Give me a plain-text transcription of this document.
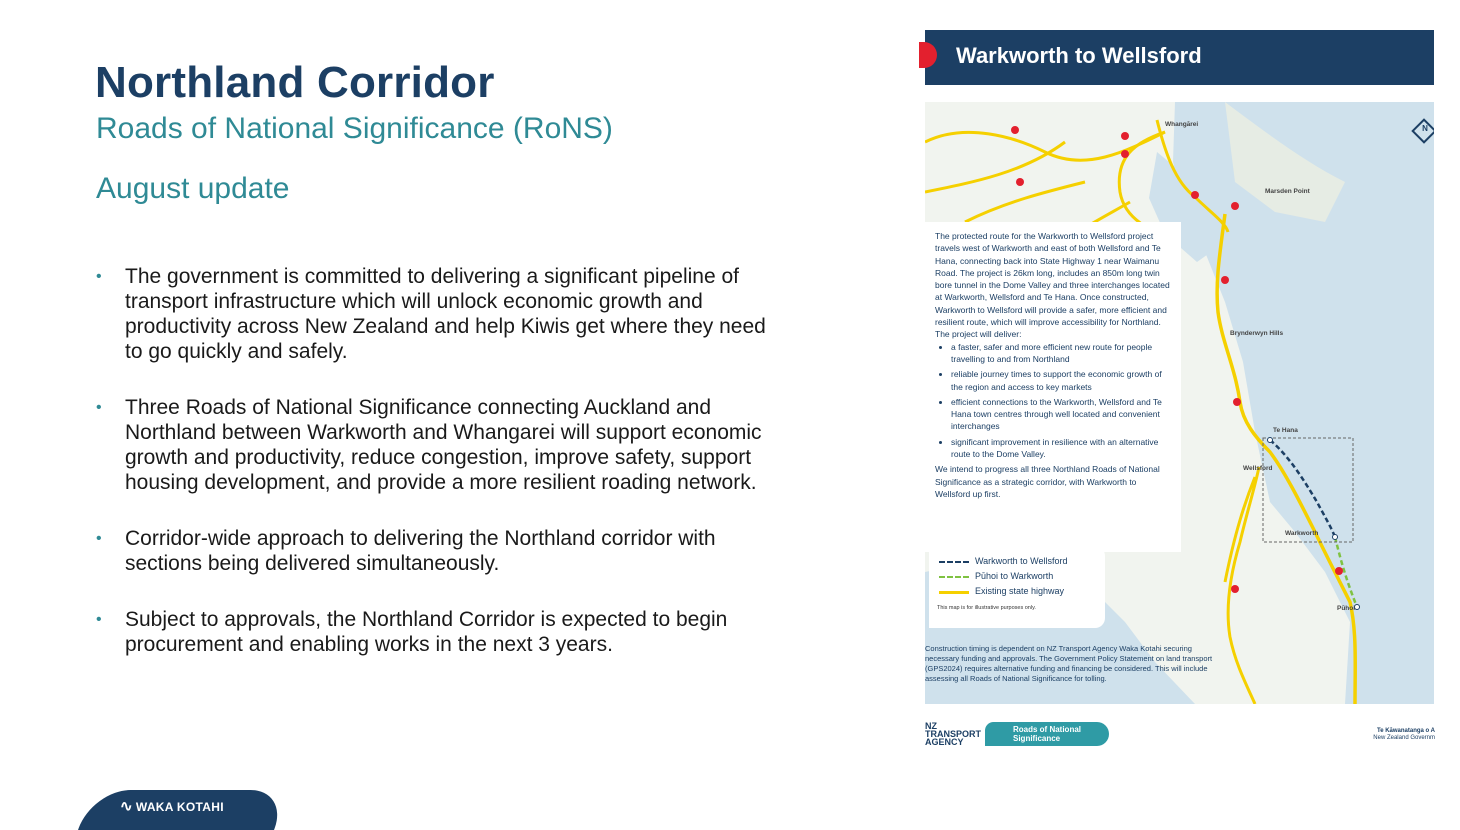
Northland Corridor
Roads of National Significance (RoNS)
August update
• The government is committed to delivering a significant pipeline of transport infrastructure which will unlock economic growth and productivity across New Zealand and help Kiwis get where they need to go quickly and safely.
• Three Roads of National Significance connecting Auckland and Northland between Warkworth and Whangarei will support economic growth and productivity, reduce congestion, improve safety, support housing development, and provide a more resilient roading network.
• Corridor-wide approach to delivering the Northland corridor with sections being delivered simultaneously.
• Subject to approvals, the Northland Corridor is expected to begin procurement and enabling works in the next 3 years.
Warkworth to Wellsford
N
Whangārei
Marsden Point
Brynderwyn Hills
Te Hana
Wellsford
Warkworth
Pūhoi

The protected route for the Warkworth to Wellsford project travels west of Warkworth and east of both Wellsford and Te Hana, connecting back into State Highway 1 near Waimanu Road. The project is 26km long, includes an 850m long twin bore tunnel in the Dome Valley and three interchanges located at Warkworth, Wellsford and Te Hana. Once constructed, Warkworth to Wellsford will provide a safer, more efficient and resilient route, which will improve accessibility for Northland.

The project will deliver:

• a faster, safer and more efficient new route for people travelling to and from Northland
• reliable journey times to support the economic growth of the region and access to key markets
• efficient connections to the Warkworth, Wellsford and Te Hana town centres through well located and convenient interchanges
• significant improvement in resilience with an alternative route to the Dome Valley.

We intend to progress all three Northland Roads of National Significance as a strategic corridor, with Warkworth to Wellsford up first.

Warkworth to Wellsford
Pūhoi to Warkworth
Existing state highway
This map is for illustrative purposes only.
Construction timing is dependent on NZ Transport Agency Waka Kotahi securing necessary funding and approvals. The Government Policy Statement on land transport (GPS2024) requires alternative funding and financing be considered. This will include assessing all Roads of National Significance for tolling.
NZ TRANSPORT AGENCY
Roads of National Significance
Te Kāwanatanga o A
New Zealand Governm
∿ WAKA KOTAHI
